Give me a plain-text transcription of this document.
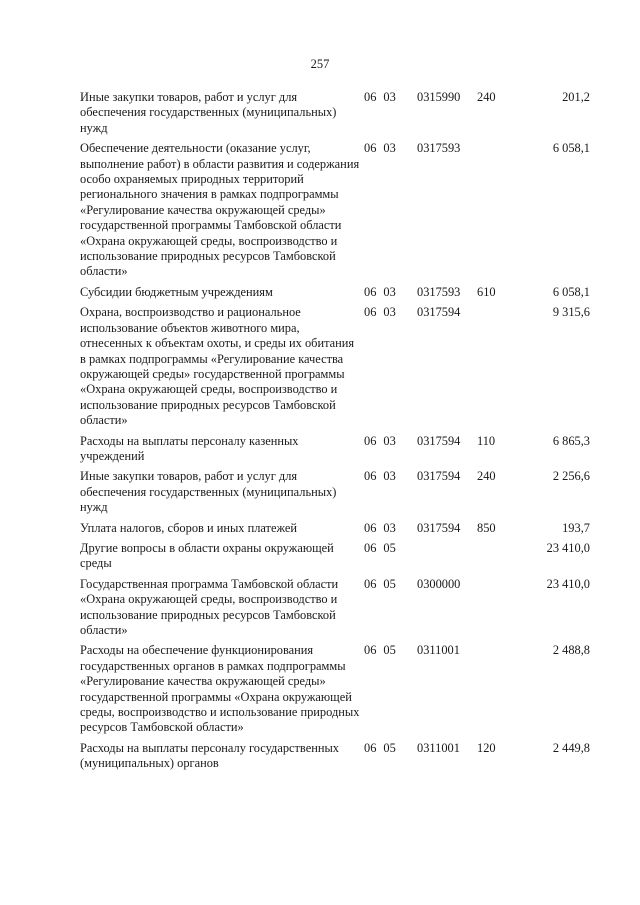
257
Иные закупки товаров, работ и услуг для обеспечения государственных (муниципальных) нужд	06 03	0315990	240	201,2
Обеспечение деятельности (оказание услуг, выполнение работ) в области развития и содержания особо охраняемых природных территорий регионального значения в рамках подпрограммы «Регулирование качества окружающей среды» государственной программы Тамбовской области «Охрана окружающей среды, воспроизводство и использование природных ресурсов Тамбовской области»	06 03	0317593		6 058,1
Субсидии бюджетным учреждениям	06 03	0317593	610	6 058,1
Охрана, воспроизводство и рациональное использование объектов животного мира, отнесенных к объектам охоты, и среды их обитания в рамках подпрограммы «Регулирование качества окружающей среды» государственной программы «Охрана окружающей среды, воспроизводство и использование природных ресурсов Тамбовской области»	06 03	0317594		9 315,6
Расходы на выплаты персоналу казенных учреждений	06 03	0317594	110	6 865,3
Иные закупки товаров, работ и услуг для обеспечения государственных (муниципальных) нужд	06 03	0317594	240	2 256,6
Уплата налогов, сборов и иных платежей	06 03	0317594	850	193,7
Другие вопросы в области охраны окружающей среды	06 05			23 410,0
Государственная программа Тамбовской области «Охрана окружающей среды, воспроизводство и использование природных ресурсов Тамбовской области»	06 05	0300000		23 410,0
Расходы на обеспечение функционирования государственных органов в рамках подпрограммы «Регулирование качества окружающей среды» государственной программы «Охрана окружающей среды, воспроизводство и использование природных ресурсов Тамбовской области»	06 05	0311001		2 488,8
Расходы на выплаты персоналу государственных (муниципальных) органов	06 05	0311001	120	2 449,8
